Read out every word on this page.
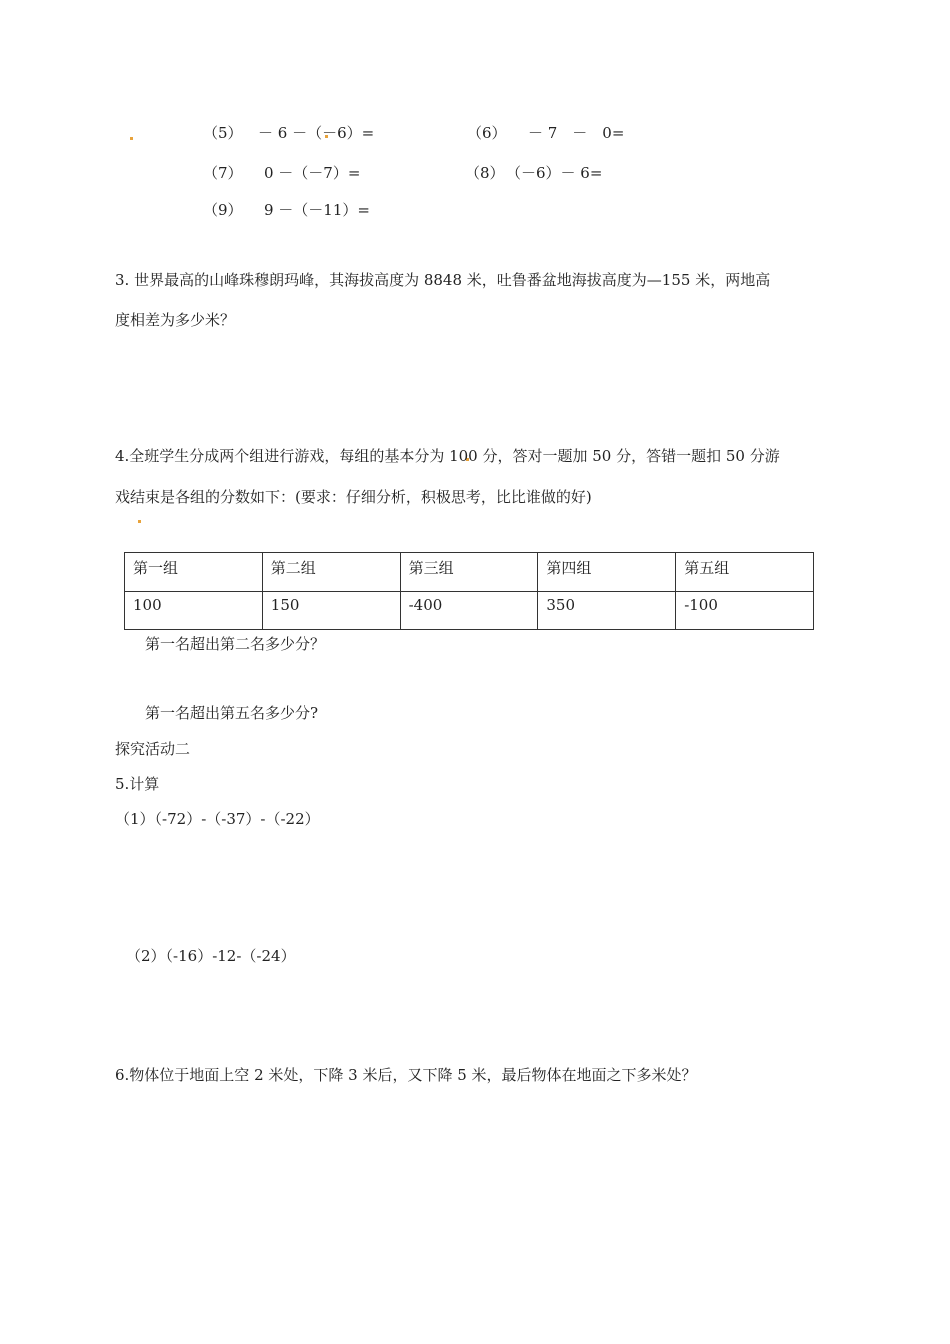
（5） － 6 －（－6）=	（6） － 7　－　0=
（7） 0 －（－7）=	（8） （－6）－ 6=
（9） 9 －（－11）=
3. 世界最高的山峰珠穆朗玛峰，其海拔高度为 8848 米，吐鲁番盆地海拔高度为—155 米，两地高
度相差为多少米？
4.全班学生分成两个组进行游戏，每组的基本分为 100 分，答对一题加 50 分，答错一题扣 50 分游
戏结束是各组的分数如下：(要求：仔细分析，积极思考，比比谁做的好)
第一组	第二组	第三组	第四组	第五组
100	150	-400	350	-100
第一名超出第二名多少分？
第一名超出第五名多少分?
探究活动二
5.计算
（1）（-72）-（-37）-（-22）
（2）（-16）-12-（-24）
6.物体位于地面上空 2 米处，下降 3 米后，又下降 5 米，最后物体在地面之下多米处？
